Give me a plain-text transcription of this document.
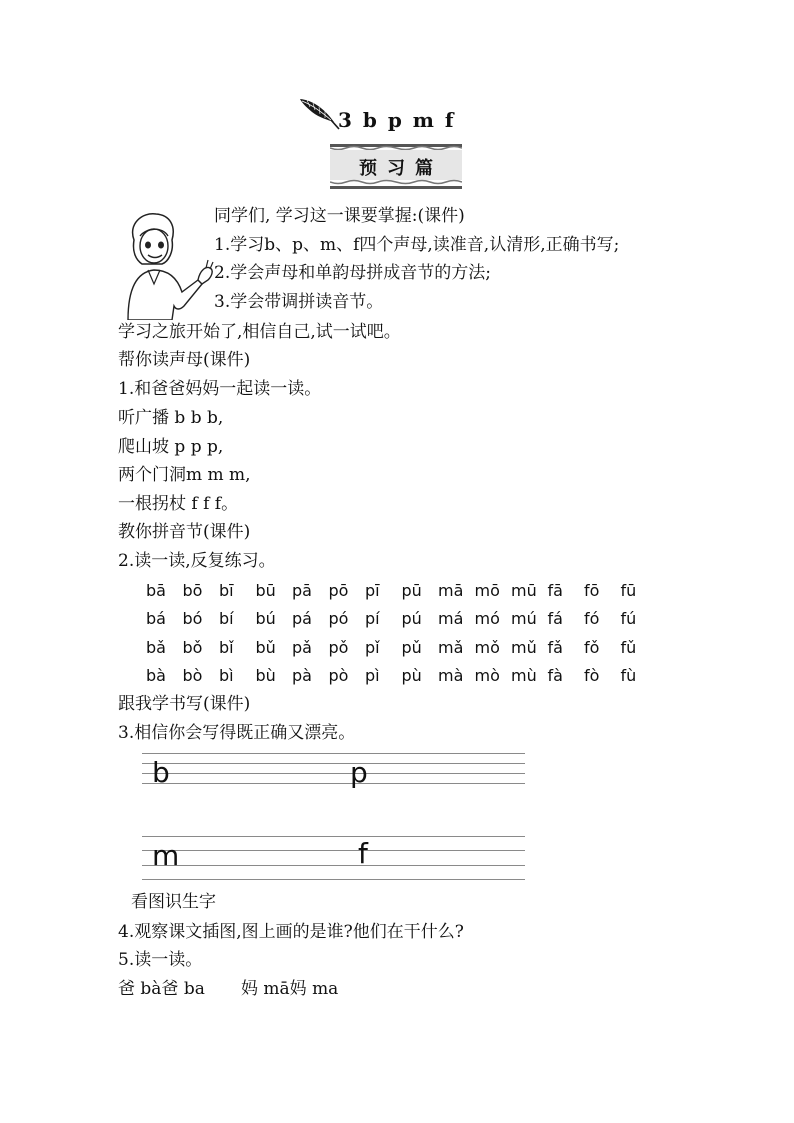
3 b p m f
预习篇
同学们, 学习这一课要掌握:(课件)
1.学习b、p、m、f四个声母,读准音,认清形,正确书写;
2.学会声母和单韵母拼成音节的方法;
3.学会带调拼读音节。
学习之旅开始了,相信自己,试一试吧。
帮你读声母(课件)
1.和爸爸妈妈一起读一读。
听广播 b b b,
爬山坡 p p p,
两个门洞m m m,
一根拐杖 f f f。
教你拼音节(课件)
2.读一读,反复练习。
bā	bō	bī	bū	pā	pō	pī	pū	mā mō mū fā	fō	fū
bá	bó	bí	bú	pá	pó	pí	pú	má mó mú fá	fó	fú
bǎ	bǒ	bǐ	bǔ	pǎ	pǒ	pǐ	pǔ	mǎ mǒ mǔ fǎ	fǒ	fǔ
bà	bò	bì	bù	pà	pò	pì	pù	mà mò mù fà	fò	fù
跟我学书写(课件)
3.相信你会写得既正确又漂亮。
b	p
m	f
看图识生字
4.观察课文插图,图上画的是谁?他们在干什么?
5.读一读。
爸 bà爸 ba 妈 mā妈 ma
